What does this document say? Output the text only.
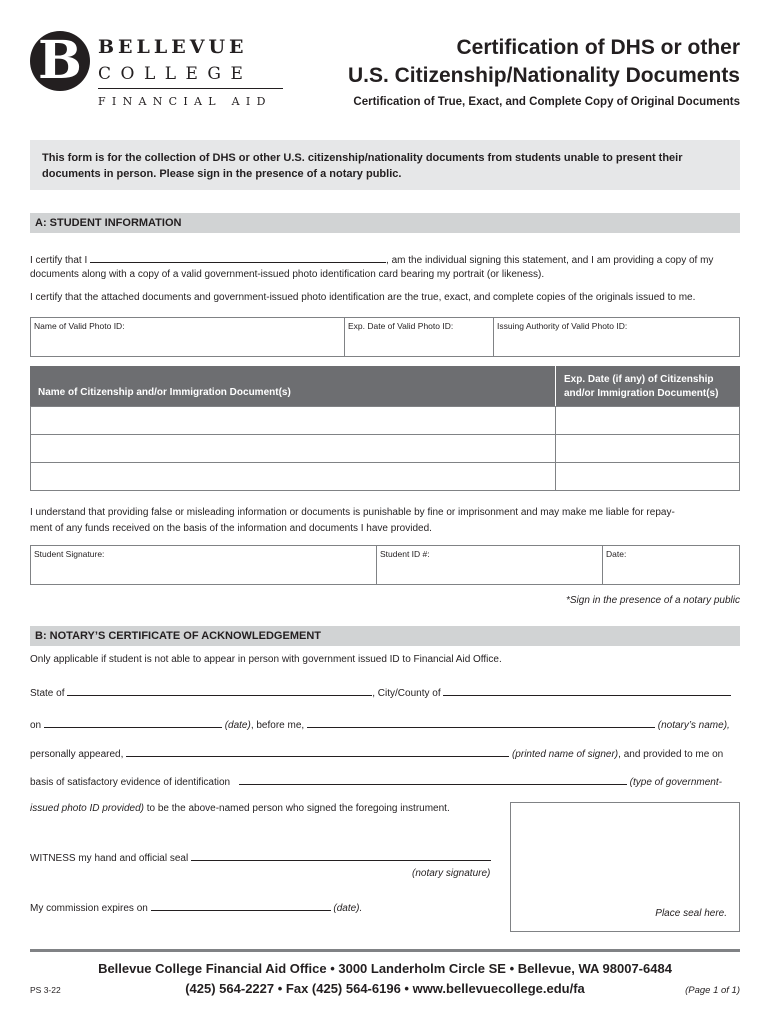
B BELLEVUE
COLLEGE
FINANCIAL AID
Certification of DHS or other
U.S. Citizenship/Nationality Documents
Certification of True, Exact, and Complete Copy of Original Documents
This form is for the collection of DHS or other U.S. citizenship/nationality documents from students unable to present their
documents in person. Please sign in the presence of a notary public.
A: STUDENT INFORMATION
I certify that I	, am the individual signing this statement, and I am providing a copy of my
documents along with a copy of a valid government-issued photo identification card bearing my portrait (or likeness).
I certify that the attached documents and government-issued photo identification are the true, exact, and complete copies of the originals issued to me.
Name of Valid Photo ID:	Exp. Date of Valid Photo ID:	Issuing Authority of Valid Photo ID:
Name of Citizenship and/or Immigration Document(s)
Exp. Date (if any) of Citizenship
and/or Immigration Document(s)
I understand that providing false or misleading information or documents is punishable by fine or imprisonment and may make me liable for repay-
ment of any funds received on the basis of the information and documents I have provided.
Student Signature:	Student ID #:	Date:
*Sign in the presence of a notary public
B: NOTARY’S CERTIFICATE OF ACKNOWLEDGEMENT
Only applicable if student is not able to appear in person with government issued ID to Financial Aid Office.
State of	, City/County of
on	(date), before me,	(notary’s name),
personally appeared,	(printed name of signer), and provided to me on
basis of satisfactory evidence of identification	(type of government-
issued photo ID provided) to be the above-named person who signed the foregoing instrument.
WITNESS my hand and official seal
(notary signature)
My commission expires on	(date).	Place seal here.
Bellevue College Financial Aid Office • 3000 Landerholm Circle SE • Bellevue, WA 98007-6484
(425) 564-2227 • Fax (425) 564-6196 • www.bellevuecollege.edu/fa
PS 3-22	(Page 1 of 1)
